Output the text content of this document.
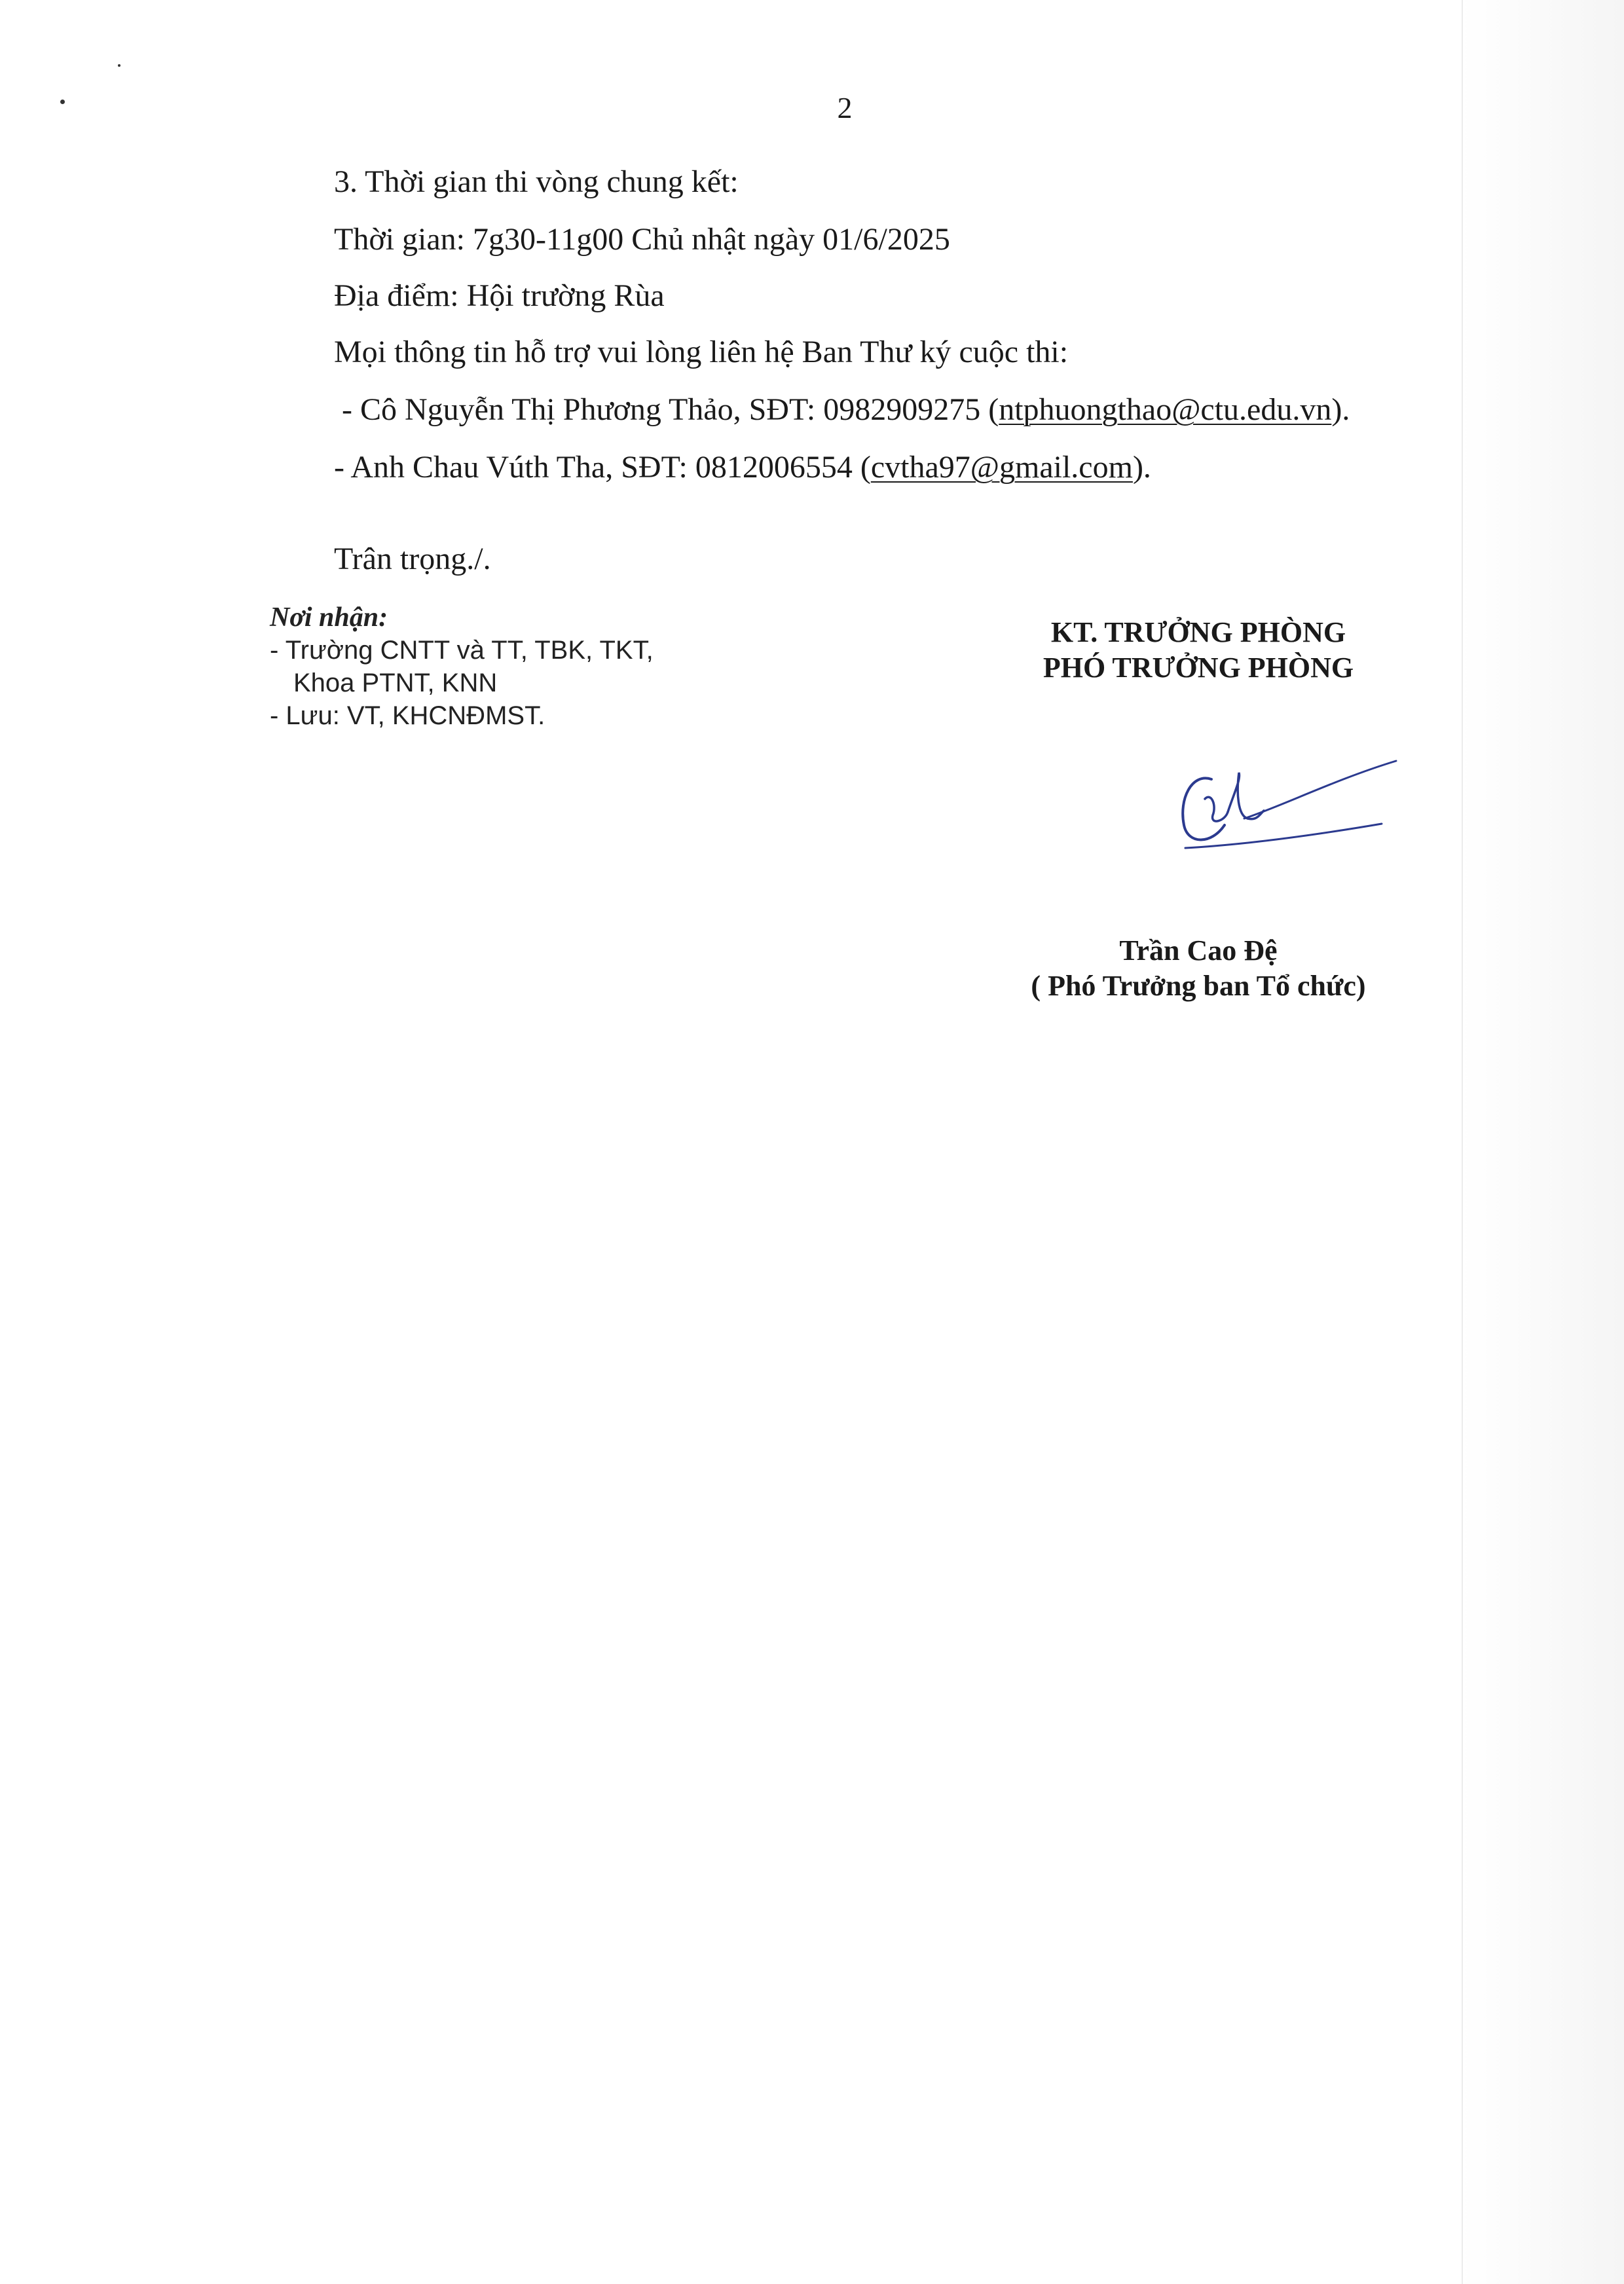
2
3. Thời gian thi vòng chung kết:
Thời gian: 7g30-11g00 Chủ nhật ngày 01/6/2025
Địa điểm: Hội trường Rùa
Mọi thông tin hỗ trợ vui lòng liên hệ Ban Thư ký cuộc thi:
- Cô Nguyễn Thị Phương Thảo, SĐT: 0982909275 (ntphuongthao@ctu.edu.vn).
- Anh Chau Vúth Tha, SĐT: 0812006554 (cvtha97@gmail.com).
Trân trọng./.
Nơi nhận:
- Trường CNTT và TT, TBK, TKT,
Khoa PTNT, KNN
- Lưu: VT, KHCNĐMST.
KT. TRƯỞNG PHÒNG
PHÓ TRƯỞNG PHÒNG
Trần Cao Đệ
( Phó Trưởng ban Tổ chức)
